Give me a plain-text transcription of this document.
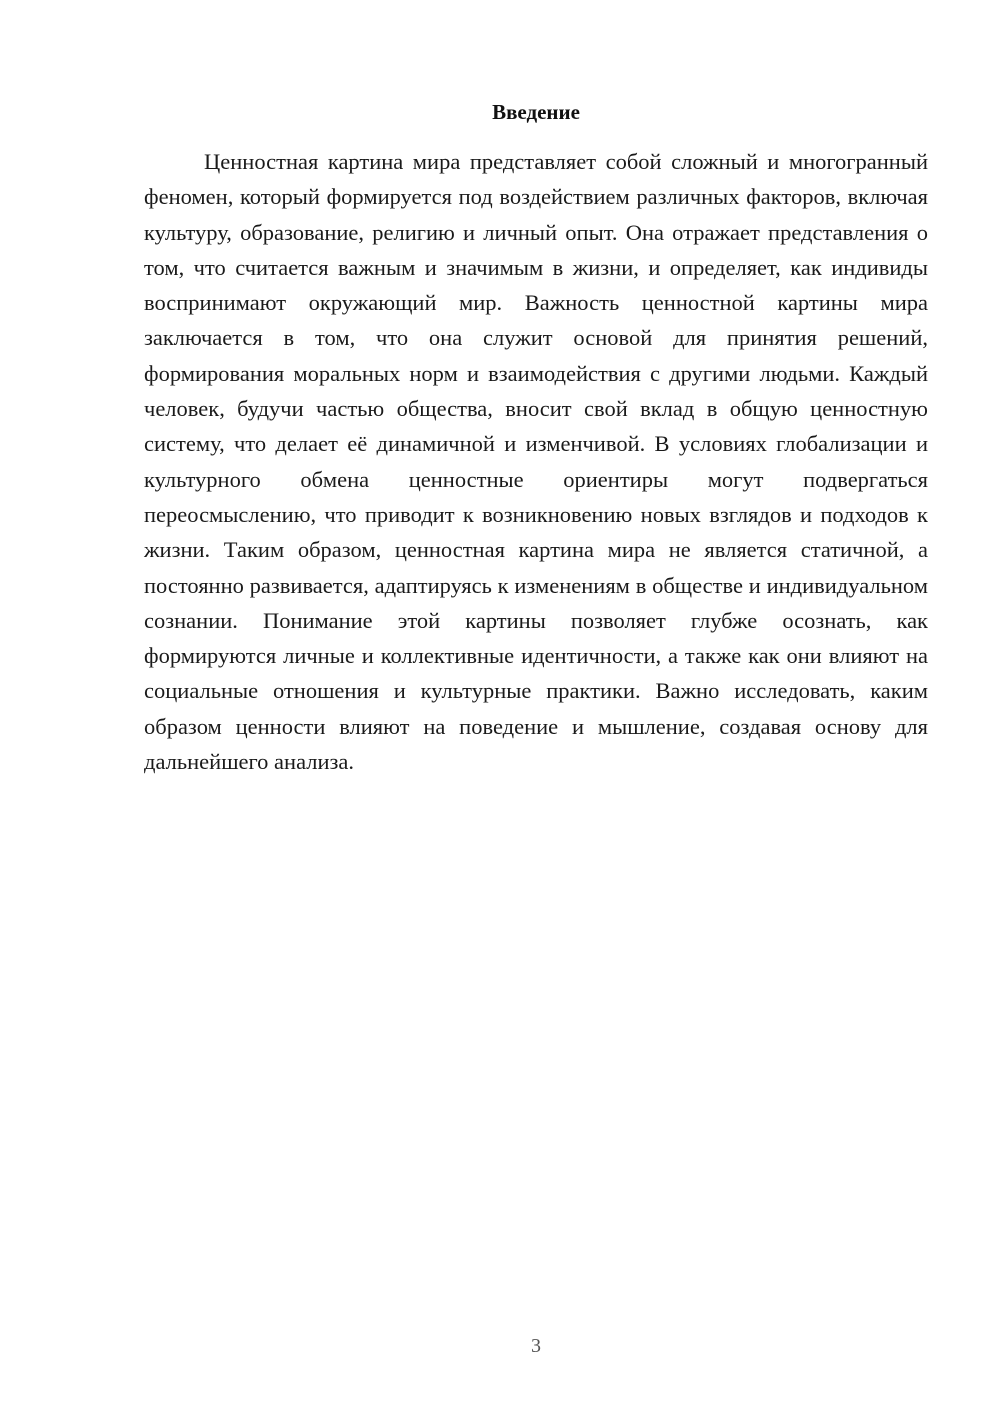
Введение

Ценностная картина мира представляет собой сложный и многогранный феномен, который формируется под воздействием различных факторов, включая культуру, образование, религию и личный опыт. Она отражает представления о том, что считается важным и значимым в жизни, и определяет, как индивиды воспринимают окружающий мир. Важность ценностной картины мира заключается в том, что она служит основой для принятия решений, формирования моральных норм и взаимодействия с другими людьми. Каждый человек, будучи частью общества, вносит свой вклад в общую ценностную систему, что делает её динамичной и изменчивой. В условиях глобализации и культурного обмена ценностные ориентиры могут подвергаться переосмыслению, что приводит к возникновению новых взглядов и подходов к жизни. Таким образом, ценностная картина мира не является статичной, а постоянно развивается, адаптируясь к изменениям в обществе и индивидуальном сознании. Понимание этой картины позволяет глубже осознать, как формируются личные и коллективные идентичности, а также как они влияют на социальные отношения и культурные практики. Важно исследовать, каким образом ценности влияют на поведение и мышление, создавая основу для дальнейшего анализа.

3
